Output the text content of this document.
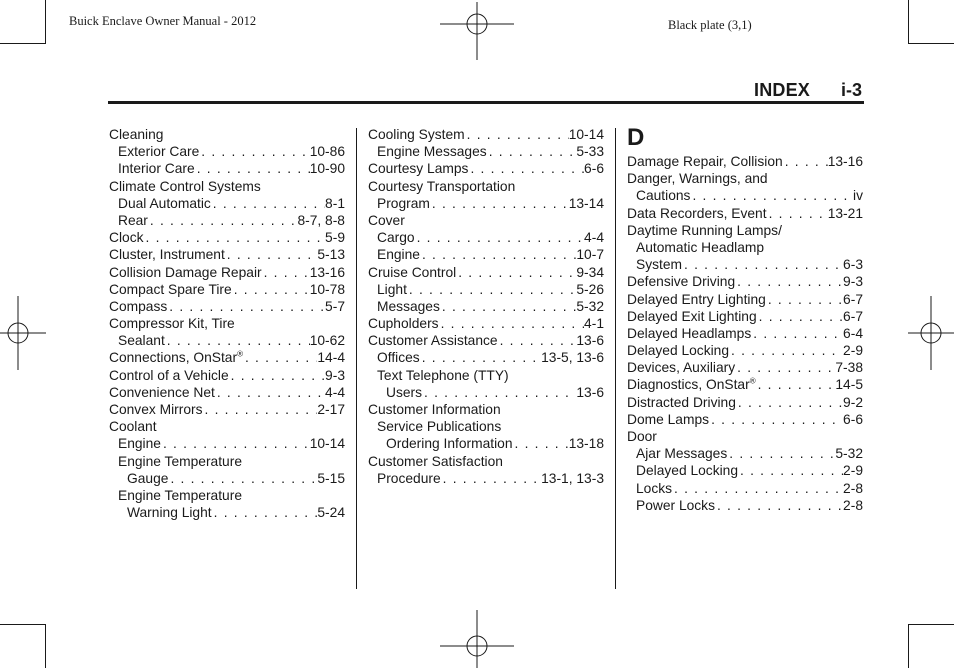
Buick Enclave Owner Manual - 2012	Black plate (3,1)
INDEX i-3
Cleaning
Exterior Care . . .	10-86
Interior Care . . .	10-90
Climate Control Systems
Dual Automatic . . .	8-1
Rear . . .	8-7, 8-8
Clock . . .	5-9
Cluster, Instrument . . .	5-13
Collision Damage Repair . . .	13-16
Compact Spare Tire . . .	10-78
Compass . . .	5-7
Compressor Kit, Tire
Sealant . . .	10-62
Connections, OnStar® . . .	14-4
Control of a Vehicle . . .	9-3
Convenience Net . . .	4-4
Convex Mirrors . . .	2-17
Coolant
Engine . . .	10-14
Engine Temperature
Gauge . . .	5-15
Engine Temperature
Warning Light . . .	5-24
Cooling System . . .	10-14
Engine Messages . . .	5-33
Courtesy Lamps . . .	6-6
Courtesy Transportation
Program . . .	13-14
Cover
Cargo . . .	4-4
Engine . . .	10-7
Cruise Control . . .	9-34
Light . . .	5-26
Messages . . .	5-32
Cupholders . . .	4-1
Customer Assistance . . .	13-6
Offices . . .	13-5, 13-6
Text Telephone (TTY)
Users . . .	13-6
Customer Information
Service Publications
Ordering Information . . .	13-18
Customer Satisfaction
Procedure . . .	13-1, 13-3
D
Damage Repair, Collision . . .	13-16
Danger, Warnings, and
Cautions . . .	iv
Data Recorders, Event . . .	13-21
Daytime Running Lamps/
Automatic Headlamp
System . . .	6-3
Defensive Driving . . .	9-3
Delayed Entry Lighting . . .	6-7
Delayed Exit Lighting . . .	6-7
Delayed Headlamps . . .	6-4
Delayed Locking . . .	2-9
Devices, Auxiliary . . .	7-38
Diagnostics, OnStar® . . .	14-5
Distracted Driving . . .	9-2
Dome Lamps . . .	6-6
Door
Ajar Messages . . .	5-32
Delayed Locking . . .	2-9
Locks . . .	2-8
Power Locks . . .	2-8
